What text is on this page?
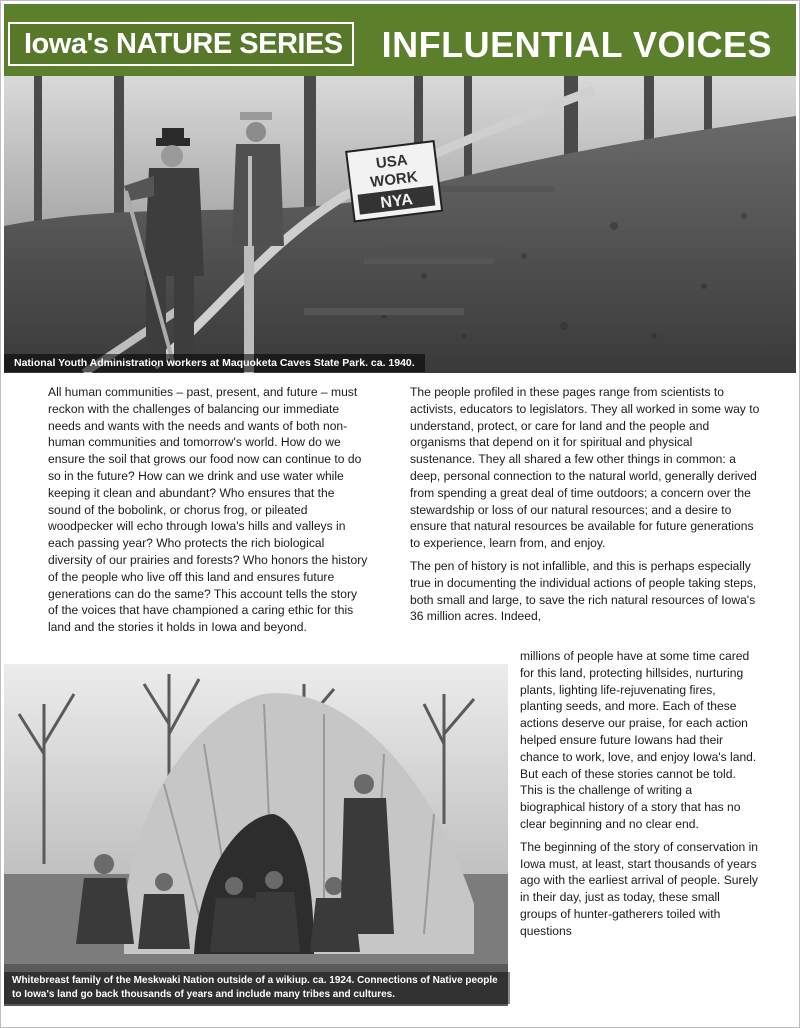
Iowa's NATURE SERIES	INFLUENTIAL VOICES
USA
WORK
NYA
National Youth Administration workers at Maquoketa Caves State Park. ca. 1940.

All human communities – past, present, and future – must reckon with the challenges of balancing our immediate needs and wants with the needs and wants of both non-human communities and tomorrow's world. How do we ensure the soil that grows our food now can continue to do so in the future? How can we drink and use water while keeping it clean and abundant? Who ensures that the sound of the bobolink, or chorus frog, or pileated woodpecker will echo through Iowa's hills and valleys in each passing year? Who protects the rich biological diversity of our prairies and forests? Who honors the history of the people who live off this land and ensures future generations can do the same? This account tells the story of the voices that have championed a caring ethic for this land and the stories it holds in Iowa and beyond.

The people profiled in these pages range from scientists to activists, educators to legislators. They all worked in some way to understand, protect, or care for land and the people and organisms that depend on it for spiritual and physical sustenance. They all shared a few other things in common: a deep, personal connection to the natural world, generally derived from spending a great deal of time outdoors; a concern over the stewardship or loss of our natural resources; and a desire to ensure that natural resources be available for future generations to experience, learn from, and enjoy.

The pen of history is not infallible, and this is perhaps especially true in documenting the individual actions of people taking steps, both small and large, to save the rich natural resources of Iowa's 36 million acres. Indeed,

millions of people have at some time cared for this land, protecting hillsides, nurturing plants, lighting life-rejuvenating fires, planting seeds, and more. Each of these actions deserve our praise, for each action helped ensure future Iowans had their chance to work, love, and enjoy Iowa's land. But each of these stories cannot be told. This is the challenge of writing a biographical history of a story that has no clear beginning and no clear end.

The beginning of the story of conservation in Iowa must, at least, start thousands of years ago with the earliest arrival of people. Surely in their day, just as today, these small groups of hunter-gatherers toiled with questions

Whitebreast family of the Meskwaki Nation outside of a wikiup. ca. 1924. Connections of Native people to Iowa's land go back thousands of years and include many tribes and cultures.
